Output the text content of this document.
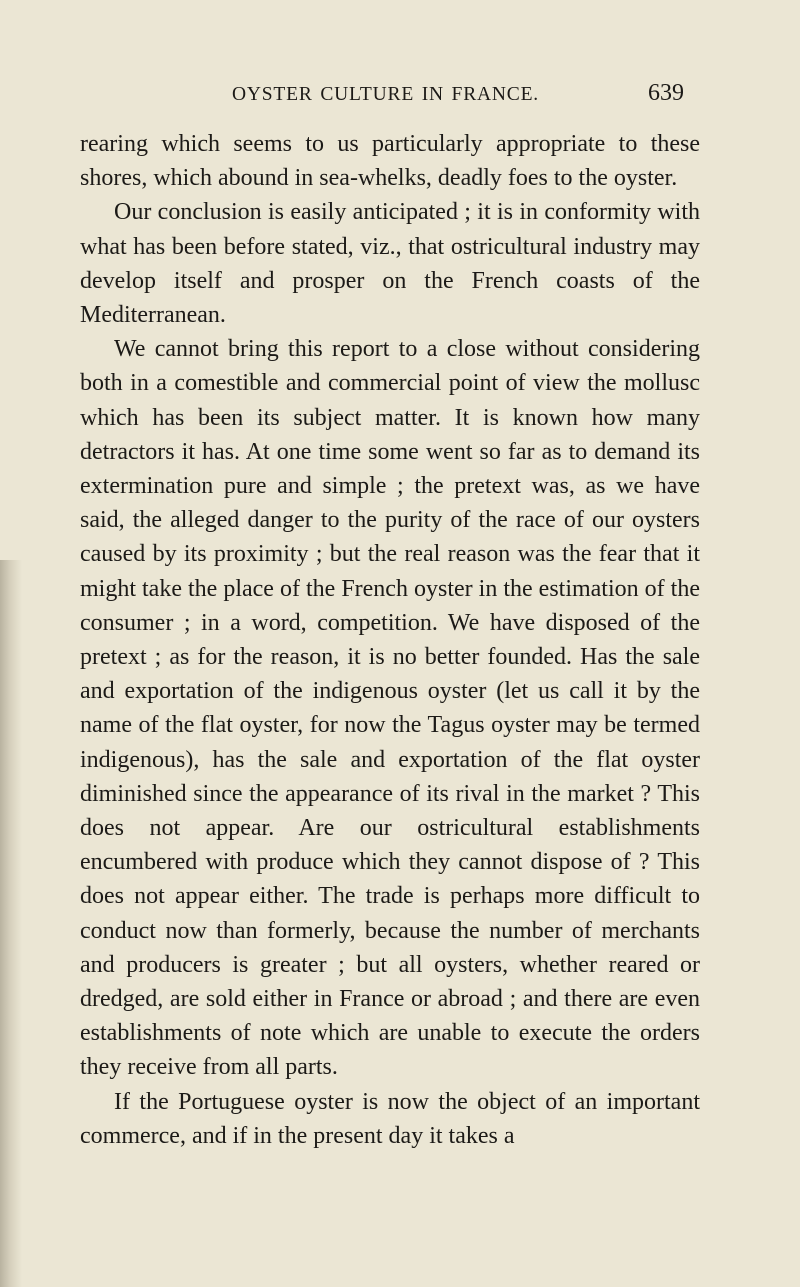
OYSTER CULTURE IN FRANCE.	639

rearing which seems to us particularly appropriate to these shores, which abound in sea-whelks, deadly foes to the oyster.

Our conclusion is easily anticipated ; it is in conformity with what has been before stated, viz., that ostricultural industry may develop itself and prosper on the French coasts of the Mediterranean.

We cannot bring this report to a close without considering both in a comestible and commercial point of view the mollusc which has been its subject matter. It is known how many detractors it has. At one time some went so far as to demand its extermination pure and simple ; the pretext was, as we have said, the alleged danger to the purity of the race of our oysters caused by its proximity ; but the real reason was the fear that it might take the place of the French oyster in the estimation of the consumer ; in a word, competition. We have disposed of the pretext ; as for the reason, it is no better founded. Has the sale and exportation of the indigenous oyster (let us call it by the name of the flat oyster, for now the Tagus oyster may be termed indigenous), has the sale and exportation of the flat oyster diminished since the appearance of its rival in the market ? This does not appear. Are our ostricultural establishments encumbered with produce which they cannot dispose of ? This does not appear either. The trade is perhaps more difficult to conduct now than formerly, because the number of merchants and producers is greater ; but all oysters, whether reared or dredged, are sold either in France or abroad ; and there are even establishments of note which are unable to execute the orders they receive from all parts.

If the Portuguese oyster is now the object of an important commerce, and if in the present day it takes a
